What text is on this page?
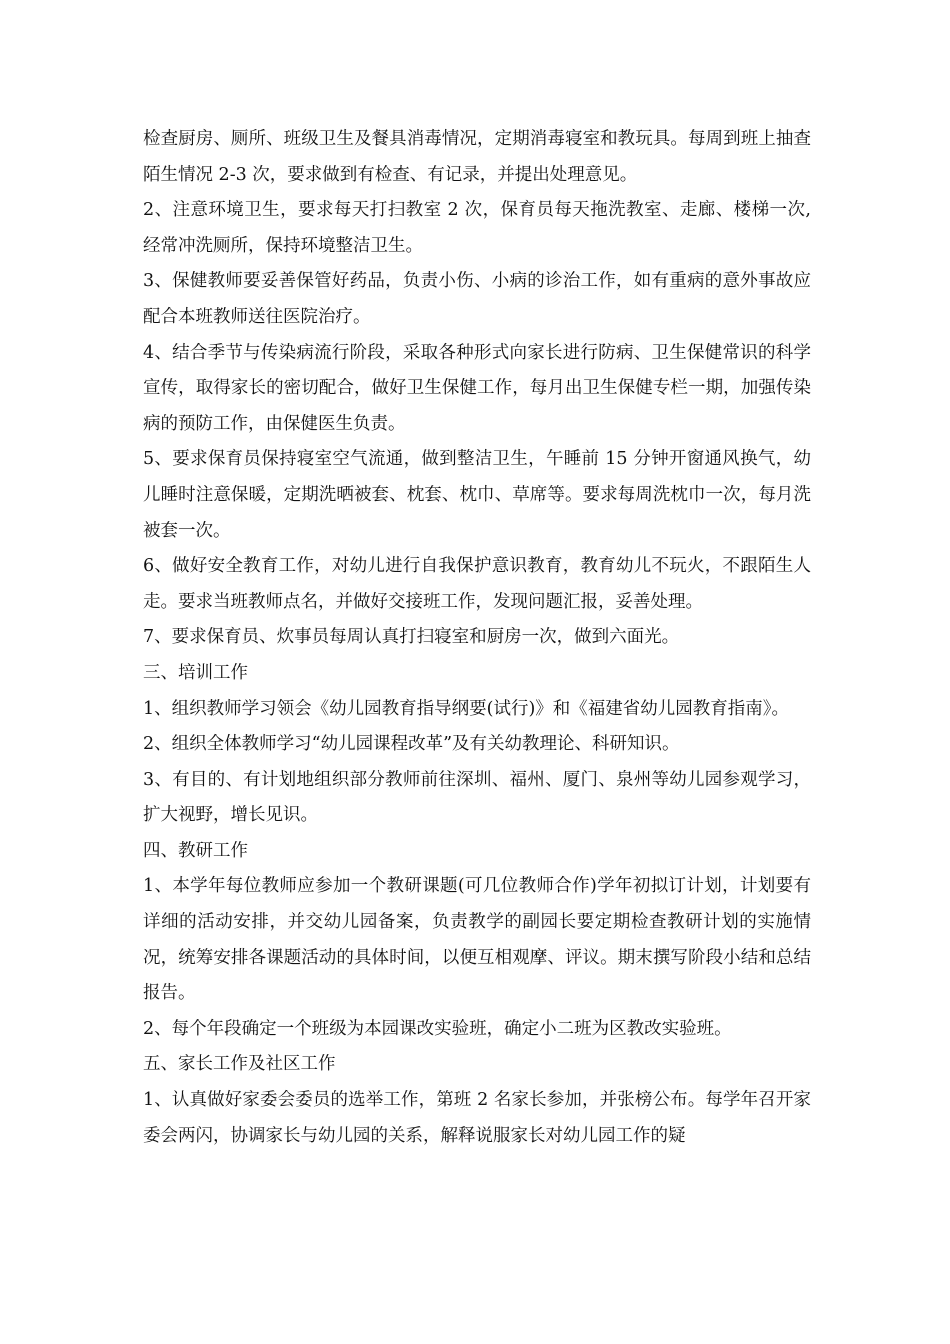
检查厨房、厕所、班级卫生及餐具消毒情况，定期消毒寝室和教玩具。每周到班上抽查陌生情况 2-3 次，要求做到有检查、有记录，并提出处理意见。

2、注意环境卫生，要求每天打扫教室 2 次，保育员每天拖洗教室、走廊、楼梯一次,经常冲洗厕所，保持环境整洁卫生。

3、保健教师要妥善保管好药品，负责小伤、小病的诊治工作，如有重病的意外事故应配合本班教师送往医院治疗。

4、结合季节与传染病流行阶段，采取各种形式向家长进行防病、卫生保健常识的科学宣传，取得家长的密切配合，做好卫生保健工作，每月出卫生保健专栏一期，加强传染病的预防工作，由保健医生负责。

5、要求保育员保持寝室空气流通，做到整洁卫生，午睡前 15 分钟开窗通风换气，幼儿睡时注意保暖，定期洗晒被套、枕套、枕巾、草席等。要求每周洗枕巾一次，每月洗被套一次。

6、做好安全教育工作，对幼儿进行自我保护意识教育，教育幼儿不玩火，不跟陌生人走。要求当班教师点名，并做好交接班工作，发现问题汇报，妥善处理。

7、要求保育员、炊事员每周认真打扫寝室和厨房一次，做到六面光。

三、培训工作

1、组织教师学习领会《幼儿园教育指导纲要(试行)》和《福建省幼儿园教育指南》。

2、组织全体教师学习“幼儿园课程改革”及有关幼教理论、科研知识。

3、有目的、有计划地组织部分教师前往深圳、福州、厦门、泉州等幼儿园参观学习，扩大视野，增长见识。

四、教研工作

1、本学年每位教师应参加一个教研课题(可几位教师合作)学年初拟订计划，计划要有详细的活动安排，并交幼儿园备案，负责教学的副园长要定期检查教研计划的实施情况，统筹安排各课题活动的具体时间，以便互相观摩、评议。期末撰写阶段小结和总结报告。

2、每个年段确定一个班级为本园课改实验班，确定小二班为区教改实验班。

五、家长工作及社区工作

1、认真做好家委会委员的选举工作，第班 2 名家长参加，并张榜公布。每学年召开家委会两闪，协调家长与幼儿园的关系，解释说服家长对幼儿园工作的疑
